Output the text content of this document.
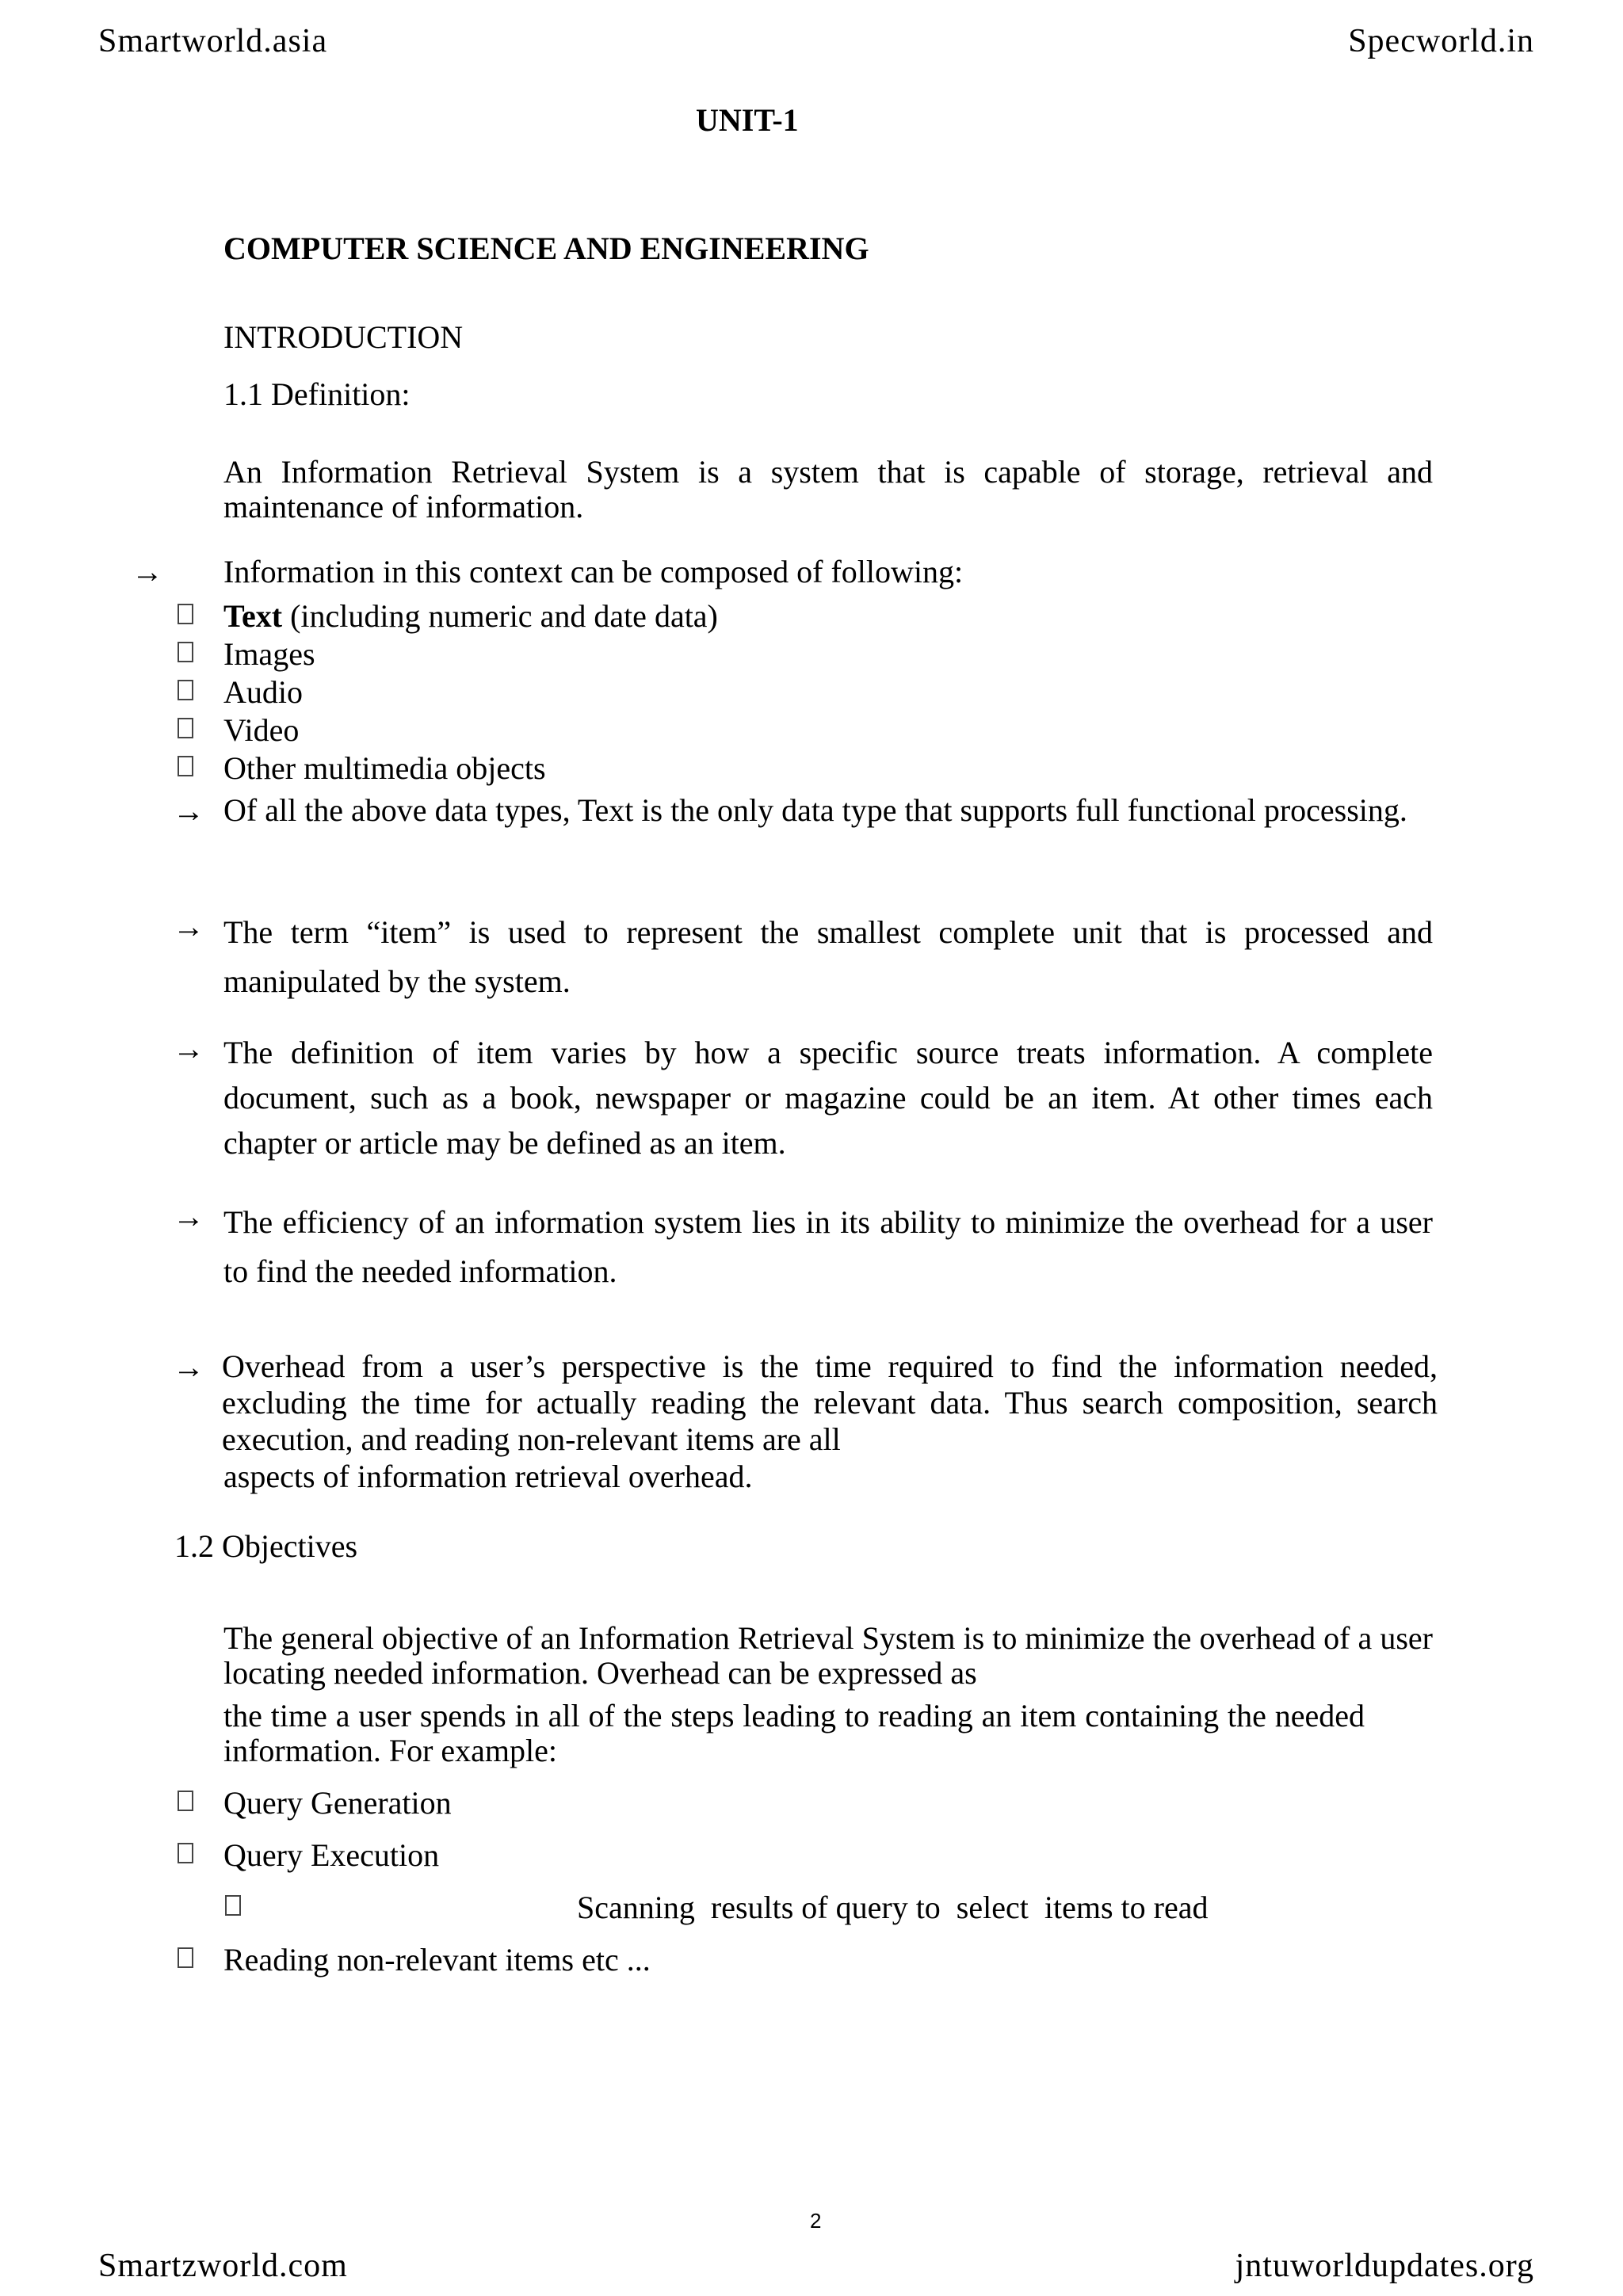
Smartworld.asia	Specworld.in
UNIT-1
COMPUTER SCIENCE AND ENGINEERING
INTRODUCTION
1.1 Definition:
An Information Retrieval System is a system that is capable of storage, retrieval and maintenance of information.
→ Information in this context can be composed of following:
Text (including numeric and date data)
Images
Audio
Video
Other multimedia objects
→ Of all the above data types, Text is the only data type that supports full functional processing.
→ The term “item” is used to represent the smallest complete unit that is processed and manipulated by the system.
→ The definition of item varies by how a specific source treats information. A complete document, such as a book, newspaper or magazine could be an item. At other times each chapter or article may be defined as an item.
→ The efficiency of an information system lies in its ability to minimize the overhead for a user to find the needed information.
→ Overhead from a user’s perspective is the time required to find the information needed, excluding the time for actually reading the relevant data. Thus search composition, search execution, and reading non-relevant items are all
aspects of information retrieval overhead.
1.2 Objectives
The general objective of an Information Retrieval System is to minimize the overhead of a user locating needed information. Overhead can be expressed as
the time a user spends in all of the steps leading to reading an item containing the needed information. For example:
Query Generation
Query Execution
Scanning  results of query to  select  items to read
Reading non-relevant items etc ...
2
Smartzworld.com	jntuworldupdates.org
